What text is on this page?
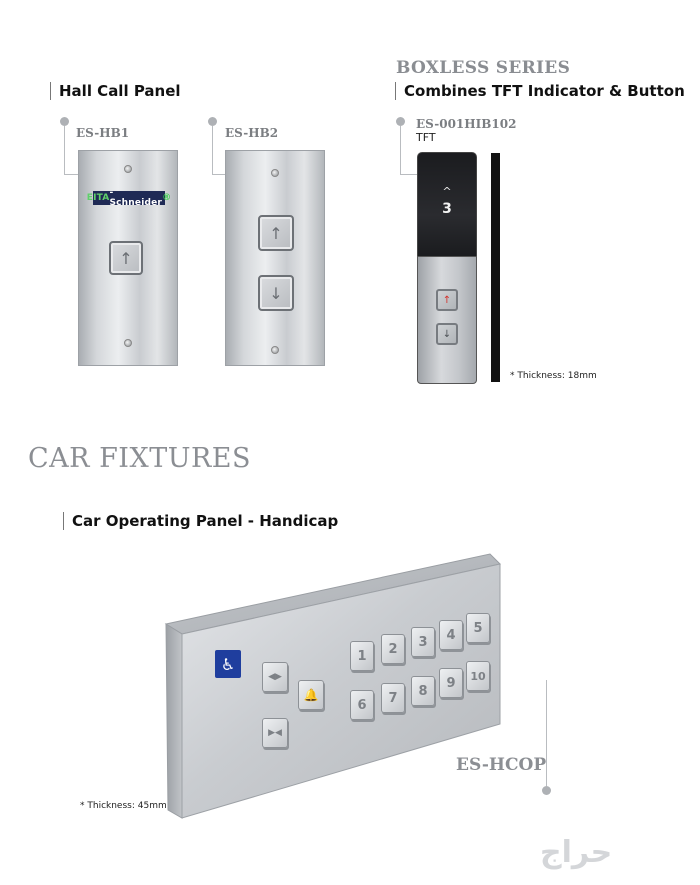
Hall Call Panel
ES-HB1
EITA -Schneider ®
↑
ES-HB2
↑
↓
BOXLESS SERIES
Combines TFT Indicator & Button
ES-001HIB102
TFT
^
3
↑
↓
* Thickness: 18mm
CAR FIXTURES
Car Operating Panel - Handicap
♿
◀▶
▶◀
🔔
1	2	3	4	5
6	7	8
9	10
ES-HCOP
* Thickness: 45mm
حراج
